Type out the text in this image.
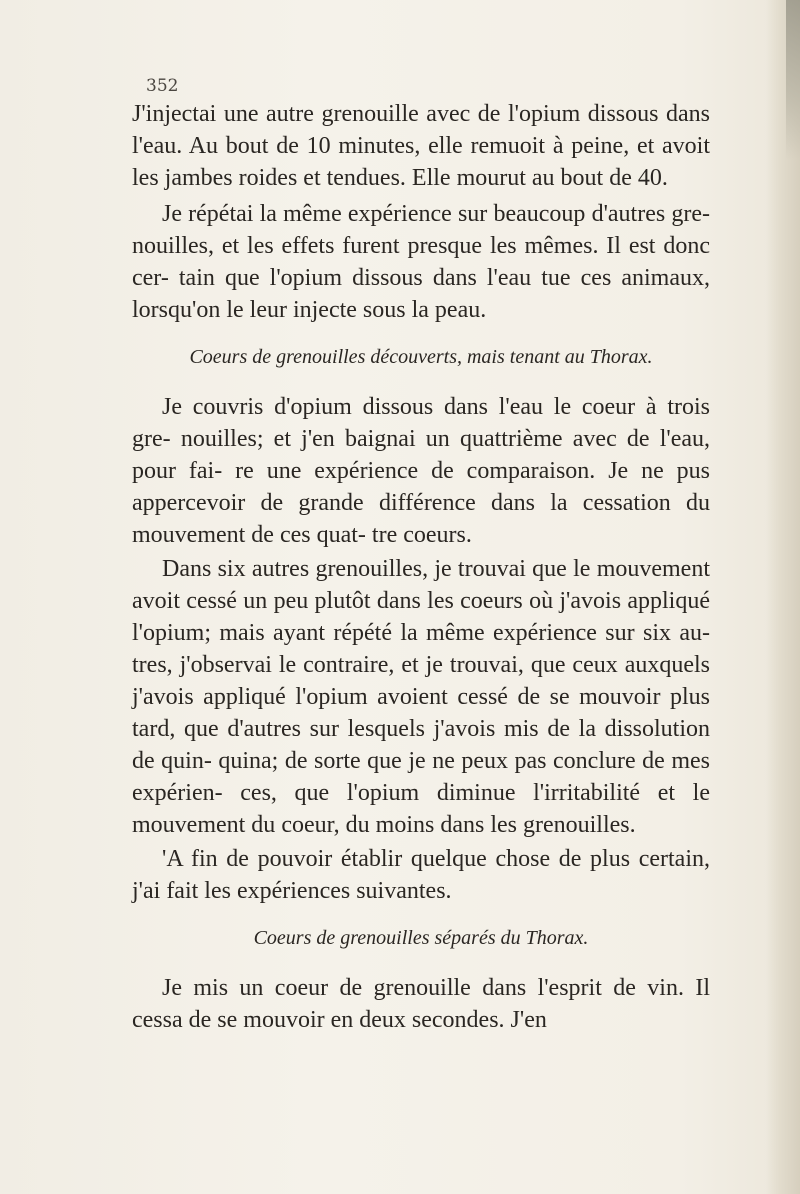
352
J'injectai une autre grenouille avec de l'opium dissous dans l'eau. Au bout de 10 minutes, elle remuoit à peine, et avoit les jambes roides et tendues. Elle mourut au bout de 40.
Je répétai la même expérience sur beaucoup d'autres gre- nouilles, et les effets furent presque les mêmes. Il est donc cer- tain que l'opium dissous dans l'eau tue ces animaux, lorsqu'on le leur injecte sous la peau.
Coeurs de grenouilles découverts, mais tenant au Thorax.
Je couvris d'opium dissous dans l'eau le coeur à trois gre- nouilles; et j'en baignai un quattrième avec de l'eau, pour fai- re une expérience de comparaison. Je ne pus appercevoir de grande différence dans la cessation du mouvement de ces quat- tre coeurs.
Dans six autres grenouilles, je trouvai que le mouvement avoit cessé un peu plutôt dans les coeurs où j'avois appliqué l'opium; mais ayant répété la même expérience sur six au- tres, j'observai le contraire, et je trouvai, que ceux auxquels j'avois appliqué l'opium avoient cessé de se mouvoir plus tard, que d'autres sur lesquels j'avois mis de la dissolution de quin- quina; de sorte que je ne peux pas conclure de mes expérien- ces, que l'opium diminue l'irritabilité et le mouvement du coeur, du moins dans les grenouilles.
'A fin de pouvoir établir quelque chose de plus certain, j'ai fait les expériences suivantes.
Coeurs de grenouilles séparés du Thorax.
Je mis un coeur de grenouille dans l'esprit de vin. Il cessa de se mouvoir en deux secondes. J'en
